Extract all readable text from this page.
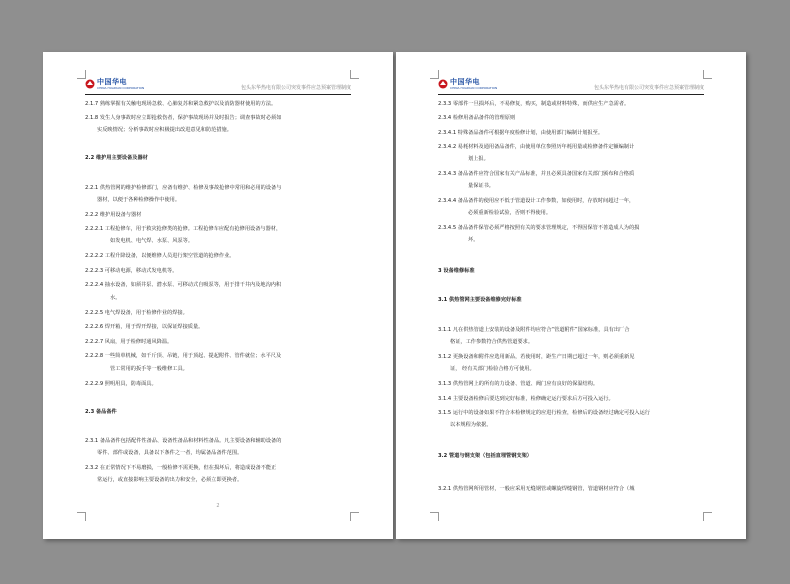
中国华电
CHINA HUADIAN CORPORATION	包头东华热电有限公司突发事件应急预案管理制度
2.1.7 熟练掌握有关触电现场急救、心肺复苏和紧急救护以及消防器材使用的方法。
2.1.8 发生人身事故时应立即抢救伤者，保护事故现场并及时报告；调查事故时必须如
实反映情况；分析事故时应积极提出改进意见和防范措施。
2.2 维护用主要设备及器材
2.2.1 供热管网的维护检修部门，应备有维护、检修及事故抢修中常用和必用的设备与
器材，以便于各种检修操作中使用。
2.2.2 维护用设备与器材
2.2.2.1 工程抢修车，用于救灾抢修类的抢修。工程抢修车应配有抢修用设备与器材，
如发电机、电气焊、水泵、风泵等。
2.2.2.2 工程升降设备，以便维修人员进行架空管道的抢修作业。
2.2.2.3 可移动电源，移动式发电机等。
2.2.2.4 抽水设备，如须井泵、潜水泵、可移动式自吸泵等，用于排干井内及地沟内积
水。
2.2.2.5 电气焊设备，用于检修作业的焊接。
2.2.2.6 焊开箱，用于焊开焊接，以保证焊接质量。
2.2.2.7 风扇，用于检修时通风降温。
2.2.2.8 一些简单机械，如千斤顶、吊链，用于顶起、提起附件、管件就位；水平尺及
管工常用的扳手等一般维修工具。
2.2.2.9 照明用具，防毒面具。
2.3 备品备件
2.3.1 备品备件包括配件性备品、设备性备品和材料性备品。凡主要设备和辅助设备的
零件、部件或设备，具备以下条件之一者，均属备品备件范围。
2.3.2 在正常情况下不易磨损，一般检修不需更换，但在损坏后，将造成设备不能正
常运行，或直接影响主要设备的出力和安全，必须立即更换者。
2
中国华电
CHINA HUADIAN CORPORATION	包头东华热电有限公司突发事件应急预案管理制度
2.3.3 零部件一旦损坏后，不易修复，购买，制造或材料特殊，而供应生产急需者。
2.3.4 检修用备品备件的管理原则
2.3.4.1 特殊备品备件可根据年度检修计划，由使用部门编制计划报至。
2.3.4.2 易耗材料及通用备品备件，由使用单位参照历年耗用量或检修备件定额编制计
划上报。
2.3.4.3 备品备件应符合国家有关产品标准，并且必须具备国家有关部门颁布和合格质
量保证书。
2.3.4.4 备品备件的使用应不低于管道设计工作参数，如使用时，存放时间超过一年，
必须重新检验试验，否则不得使用。
2.3.4.5 备品备件保管必须严格按照有关的要求管理规定，不得因保管不善造成人为的损
坏。
3 设备维修标准
3.1 供热管网主要设备维修完好标准
3.1.1 凡在供热管道上安装的设备及附件均应符合“管道附件”国家标准，具有出厂合
格证，工作参数符合供热管道要求。
3.1.2 更换设备和附件应选用新品，若使用时，距生产日期已超过一年，则必须重新见
证， 经有关部门检验合格方可使用。
3.1.3 供热管网上的所有的力设备、管道、阀门应有良好的保温结构。
3.1.4 主要设备检修后要达到完好标准，检修确定运行要求后方可投入运行。
3.1.5 运行中的设备如果不符合本检修规定的应进行检查，检修后的设备经过确定可投入运行
以本规程为依据。
3.2 管道与钢支架（包括直埋管钢支架）
3.2.1 供热管网所用管材，一般应采用无缝钢管或螺旋焊缝钢管，管道钢材应符合（城
